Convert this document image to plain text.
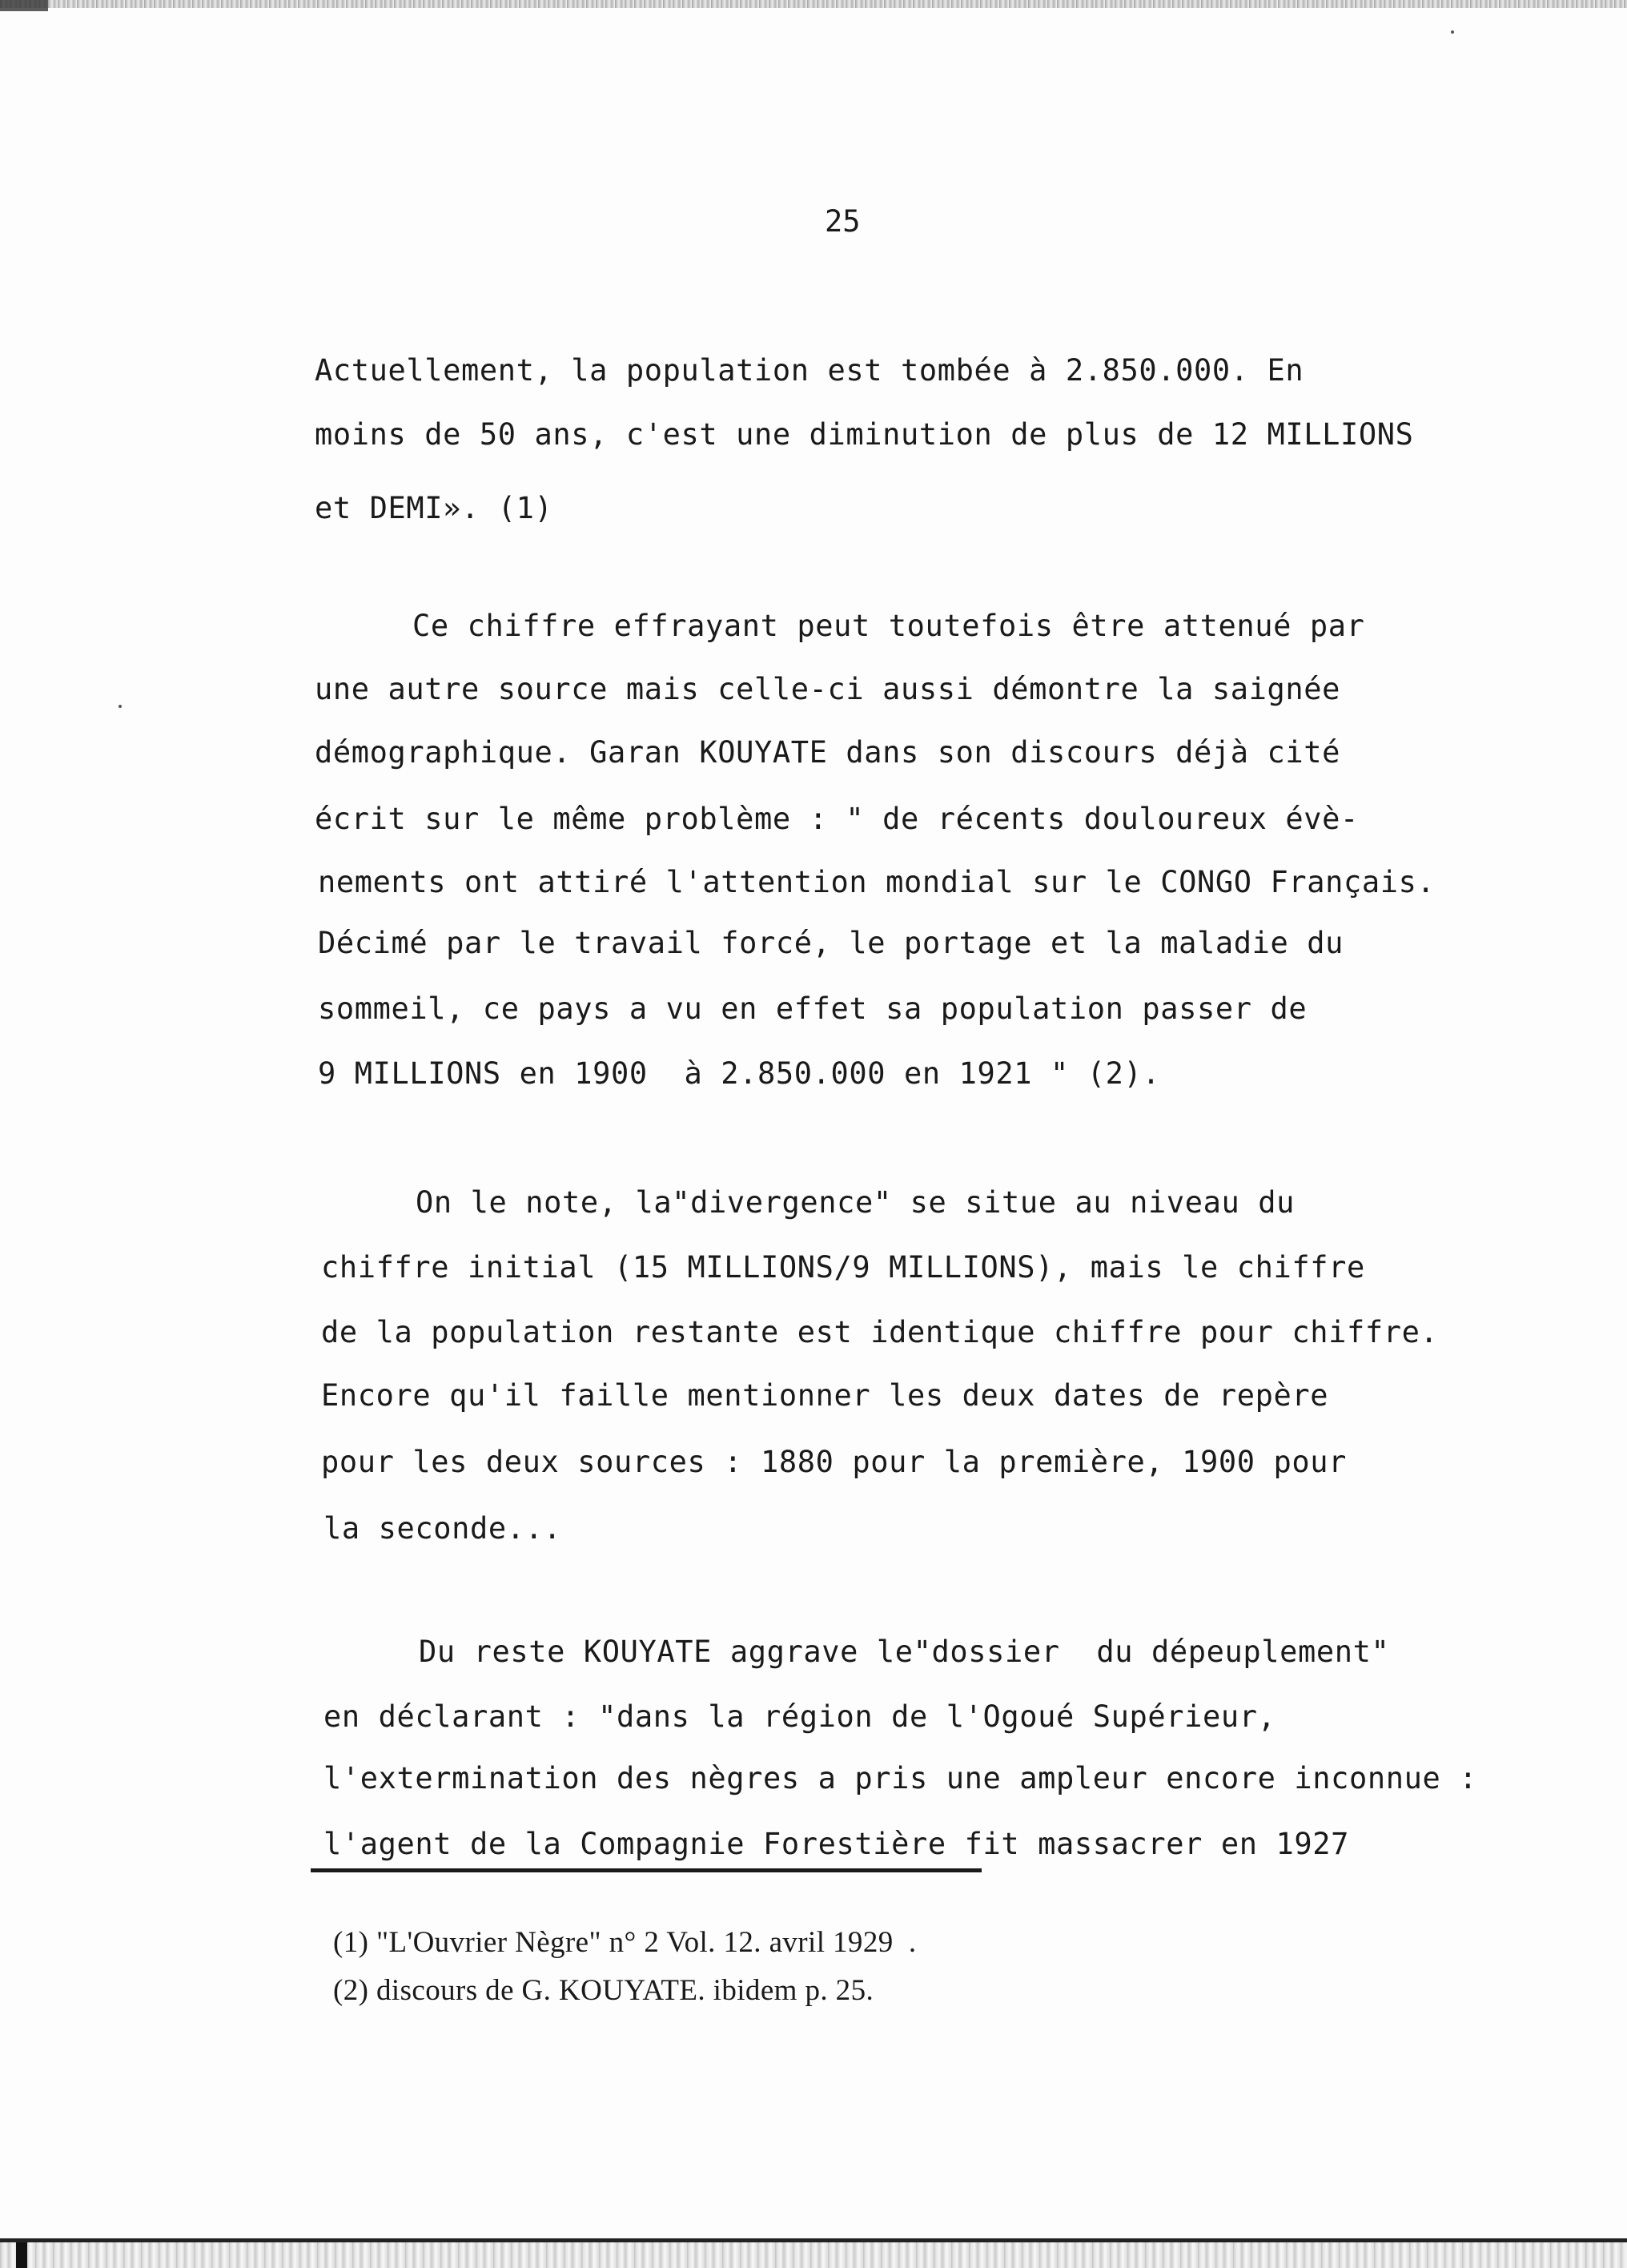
25
Actuellement, la population est tombée à 2.850.000. En
moins de 50 ans, c'est une diminution de plus de 12 MILLIONS
et DEMI». (1)
Ce chiffre effrayant peut toutefois être attenué par
une autre source mais celle-ci aussi démontre la saignée
démographique. Garan KOUYATE dans son discours déjà cité
écrit sur le même problème : " de récents douloureux évè-
nements ont attiré l'attention mondial sur le CONGO Français.
Décimé par le travail forcé, le portage et la maladie du
sommeil, ce pays a vu en effet sa population passer de
9 MILLIONS en 1900  à 2.850.000 en 1921 " (2).
On le note, la"divergence" se situe au niveau du
chiffre initial (15 MILLIONS/9 MILLIONS), mais le chiffre
de la population restante est identique chiffre pour chiffre.
Encore qu'il faille mentionner les deux dates de repère
pour les deux sources : 1880 pour la première, 1900 pour
la seconde...
Du reste KOUYATE aggrave le"dossier  du dépeuplement"
en déclarant : "dans la région de l'Ogoué Supérieur,
l'extermination des nègres a pris une ampleur encore inconnue :
l'agent de la Compagnie Forestière fit massacrer en 1927
(1) "L'Ouvrier Nègre" n° 2 Vol. 12. avril 1929  .
(2) discours de G. KOUYATE. ibidem p. 25.
